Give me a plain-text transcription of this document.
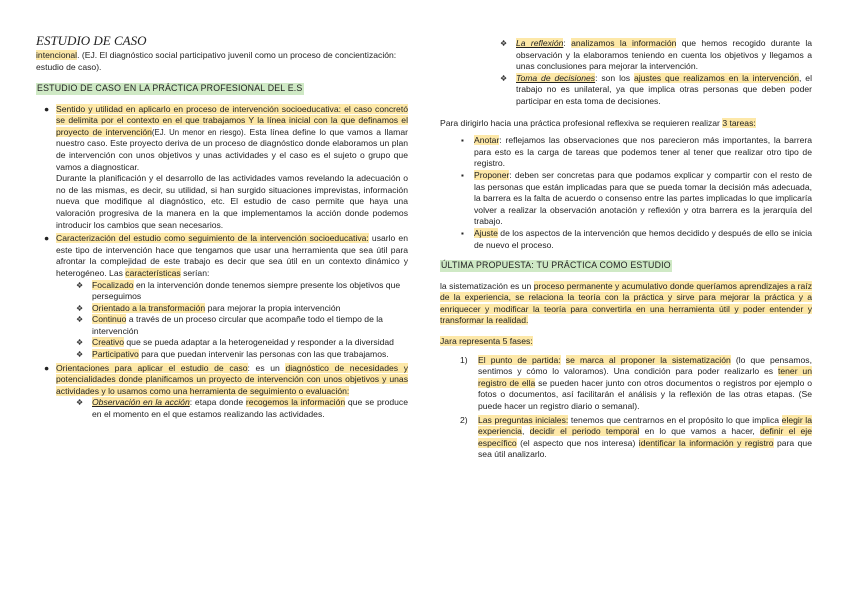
ESTUDIO DE CASO
intencional. (EJ. El diagnóstico social participativo juvenil como un proceso de concientización: estudio de caso).
ESTUDIO DE CASO EN LA PRÁCTICA PROFESIONAL DEL E.S
● Sentido y utilidad en aplicarlo en proceso de intervención socioeducativa: el caso concretó se delimita por el contexto en el que trabajamos Y la línea inicial con la que definamos el proyecto de intervención(EJ. Un menor en riesgo). Esta línea define lo que vamos a llamar nuestro caso. Este proyecto deriva de un proceso de diagnóstico donde elaboramos un plan de intervención con unos objetivos y unas actividades y el caso es el sujeto o grupo que vamos a diagnosticar.
Durante la planificación y el desarrollo de las actividades vamos revelando la adecuación o no de las mismas, es decir, su utilidad, si han surgido situaciones imprevistas, información nueva que modifique al diagnóstico, etc. El estudio de caso permite que haya una valoración progresiva de la manera en la que implementamos la acción donde podemos introducir los cambios que sean necesarios.
● Caracterización del estudio como seguimiento de la intervención socioeducativa: usarlo en este tipo de intervención hace que tengamos que usar una herramienta que sea útil para afrontar la complejidad de este trabajo es decir que sea útil en un contexto dinámico y heterogéneo. Las características serían:
❖ Focalizado en la intervención donde tenemos siempre presente los objetivos que perseguimos
❖ Orientado a la transformación para mejorar la propia intervención
❖ Continuo a través de un proceso circular que acompañe todo el tiempo de la intervención
❖ Creativo que se pueda adaptar a la heterogeneidad y responder a la diversidad
❖ Participativo para que puedan intervenir las personas con las que trabajamos.
● Orientaciones para aplicar el estudio de caso: es un diagnóstico de necesidades y potencialidades donde planificamos un proyecto de intervención con unos objetivos y unas actividades y lo usamos como una herramienta de seguimiento o evaluación:
❖ Observación en la acción: etapa donde recogemos la información que se produce en el momento en el que estamos realizando las actividades.
❖ La reflexión: analizamos la información que hemos recogido durante la observación y la elaboramos teniendo en cuenta los objetivos y llegamos a unas conclusiones para mejorar la intervención.
❖ Toma de decisiones: son los ajustes que realizamos en la intervención, el trabajo no es unilateral, ya que implica otras personas que deben poder participar en esta toma de decisiones.
Para dirigirlo hacia una práctica profesional reflexiva se requieren realizar 3 tareas:
▪ Anotar: reflejamos las observaciones que nos parecieron más importantes, la barrera para esto es la carga de tareas que podemos tener al tener que realizar otro tipo de registro.
▪ Proponer: deben ser concretas para que podamos explicar y compartir con el resto de las personas que están implicadas para que se pueda tomar la decisión más adecuada, la barrera es la falta de acuerdo o consenso entre las partes implicadas lo que implicaría volver a realizar la observación anotación y reflexión y otra barrera es la jerarquía del trabajo.
▪ Ajuste de los aspectos de la intervención que hemos decidido y después de ello se inicia de nuevo el proceso.
ÚLTIMA PROPUESTA: TU PRÁCTICA COMO ESTUDIO
la sistematización es un proceso permanente y acumulativo donde queríamos aprendizajes a raíz de la experiencia, se relaciona la teoría con la práctica y sirve para mejorar la práctica y a enriquecer y modificar la teoría para convertirla en una herramienta útil y poder entender y transformar la realidad.
Jara representa 5 fases:
1) El punto de partida: se marca al proponer la sistematización (lo que pensamos, sentimos y cómo lo valoramos). Una condición para poder realizarlo es tener un registro de ella se pueden hacer junto con otros documentos o registros por ejemplo o fotos o documentos, así facilitarán el análisis y la reflexión de las otras etapas. (Se puede hacer un registro diario o semanal).
2) Las preguntas iniciales: tenemos que centrarnos en el propósito lo que implica elegir la experiencia, decidir el periodo temporal en lo que vamos a hacer, definir el eje específico (el aspecto que nos interesa) identificar la información y registro para que sea útil analizarlo.
